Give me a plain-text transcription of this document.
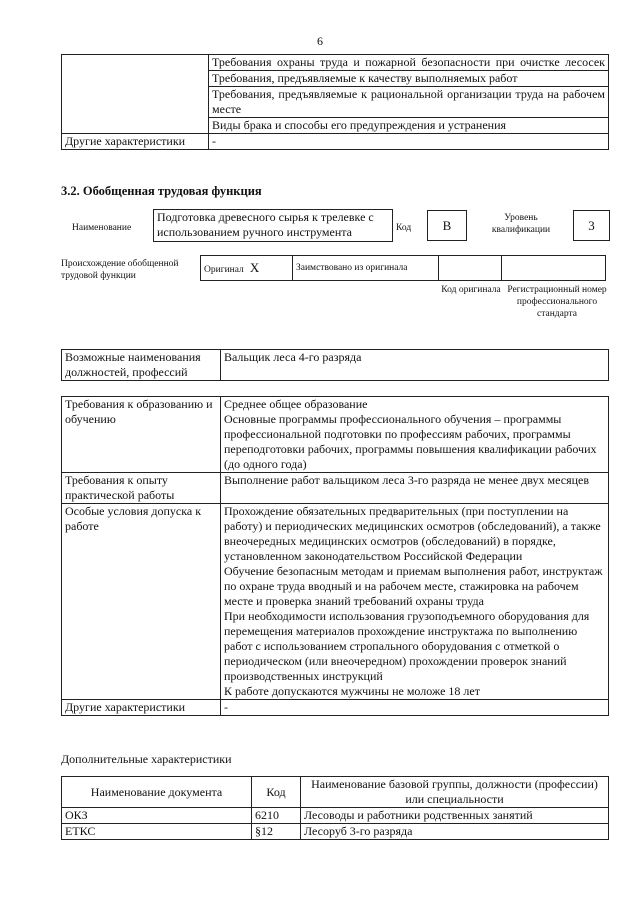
6
	Требования охраны труда и пожарной безопасности при очистке лесосек
	Требования, предъявляемые к качеству выполняемых работ
	Требования, предъявляемые к рациональной организации труда на рабочем месте
	Виды брака и способы его предупреждения и устранения
Другие характеристики	-
3.2. Обобщенная трудовая функция
Наименование
Подготовка древесного сырья к трелевке с использованием ручного инструмента	Код	В	Уровень квалификации	3
Происхождение обобщенной трудовой функции
Оригинал X	Заимствовано из оригинала		
Код оригинала Регистрационный номер профессионального стандарта
Возможные наименования должностей, профессий	Вальщик леса 4-го разряда
Требования к образованию и обучению	Среднее общее образование
Основные программы профессионального обучения – программы профессиональной подготовки по профессиям рабочих, программы переподготовки рабочих, программы повышения квалификации рабочих (до одного года)

Требования к опыту практической работы	Выполнение работ вальщиком леса 3-го разряда не менее двух месяцев
Особые условия допуска к работе	Прохождение обязательных предварительных (при поступлении на работу) и периодических медицинских осмотров (обследований), а также внеочередных медицинских осмотров (обследований) в порядке, установленном законодательством Российской Федерации
Обучение безопасным методам и приемам выполнения работ, инструктаж по охране труда вводный и на рабочем месте, стажировка на рабочем месте и проверка знаний требований охраны труда
При необходимости использования грузоподъемного оборудования для перемещения материалов прохождение инструктажа по выполнению работ с использованием стропального оборудования с отметкой о периодическом (или внеочередном) прохождении проверок знаний производственных инструкций
К работе допускаются мужчины не моложе 18 лет

Другие характеристики	-
Дополнительные характеристики
Наименование документа	Код	Наименование базовой группы, должности (профессии) или специальности
ОКЗ	6210	Лесоводы и работники родственных занятий
ЕТКС	§12	Лесоруб 3-го разряда
